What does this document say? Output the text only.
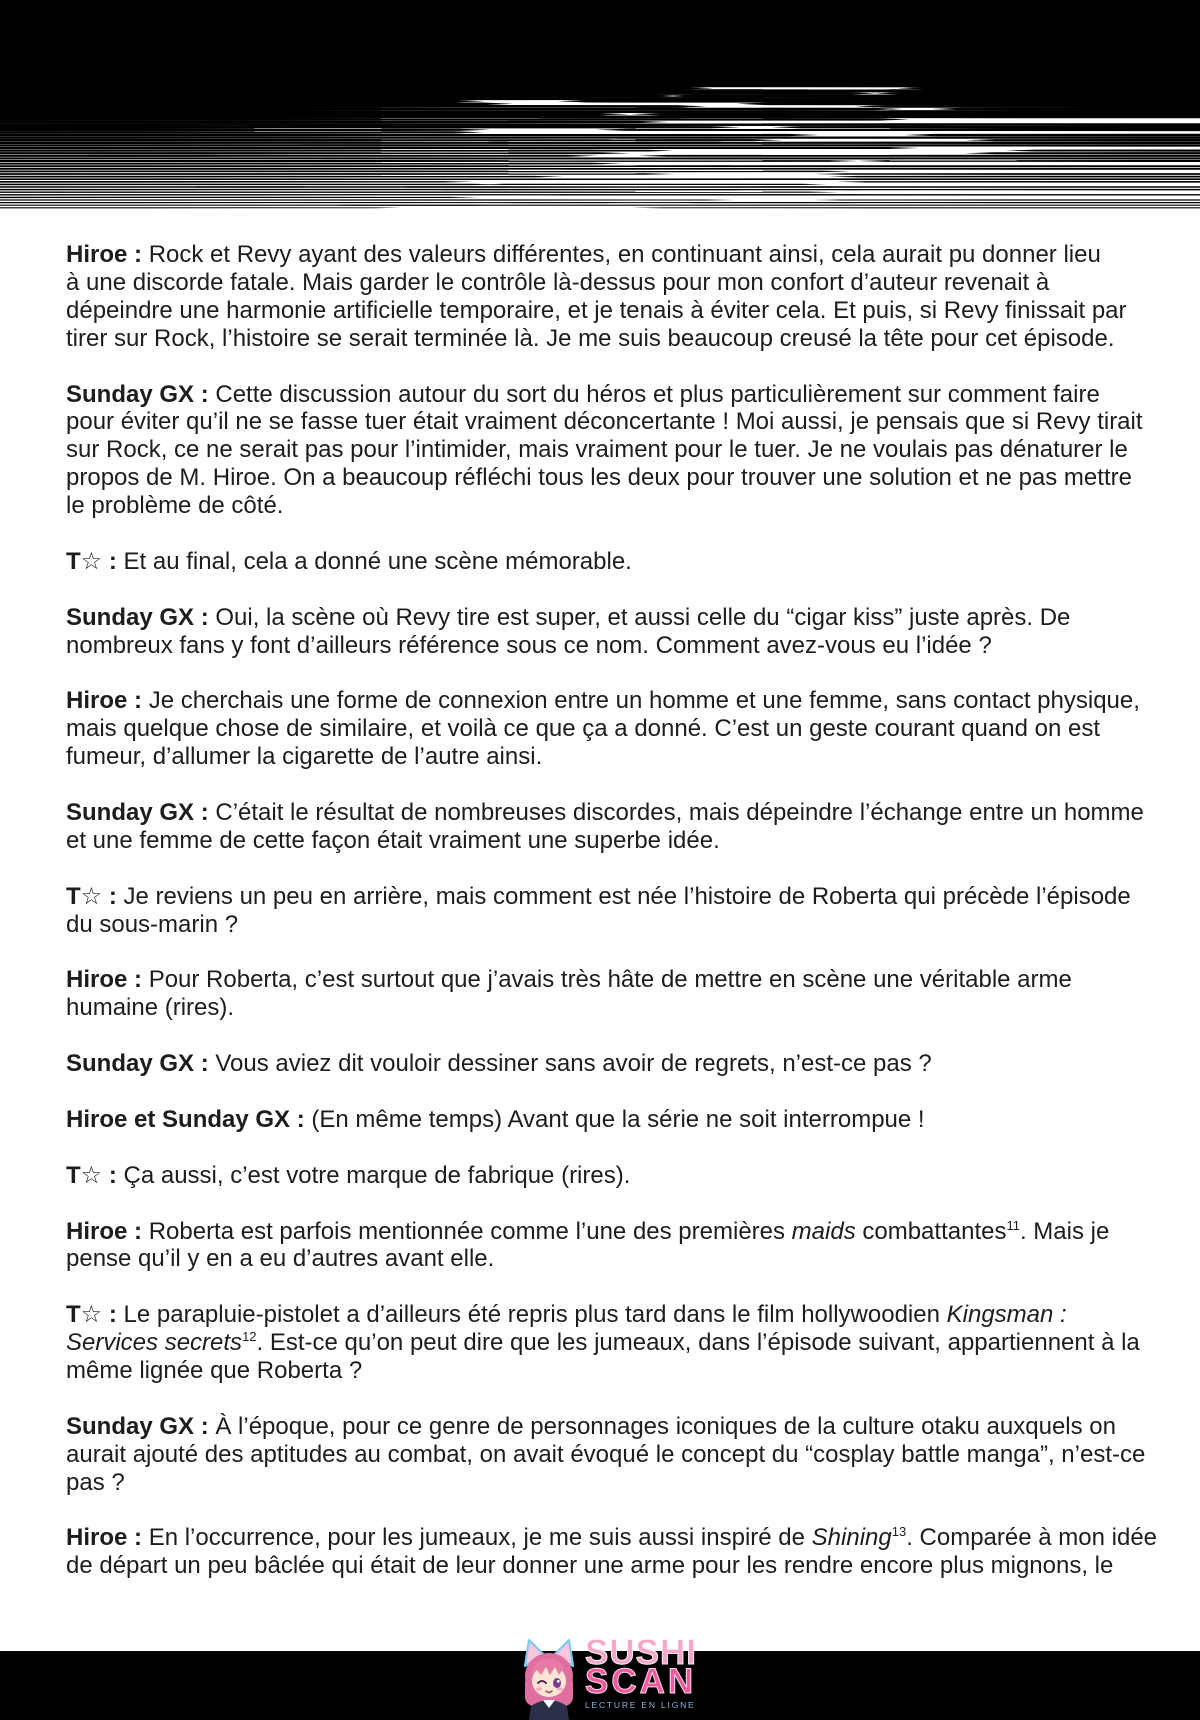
Hiroe : Rock et Revy ayant des valeurs différentes, en continuant ainsi, cela aurait pu donner lieu
à une discorde fatale. Mais garder le contrôle là-dessus pour mon confort d’auteur revenait à
dépeindre une harmonie artificielle temporaire, et je tenais à éviter cela. Et puis, si Revy finissait par
tirer sur Rock, l’histoire se serait terminée là. Je me suis beaucoup creusé la tête pour cet épisode.

Sunday GX : Cette discussion autour du sort du héros et plus particulièrement sur comment faire
pour éviter qu’il ne se fasse tuer était vraiment déconcertante ! Moi aussi, je pensais que si Revy tirait
sur Rock, ce ne serait pas pour l’intimider, mais vraiment pour le tuer. Je ne voulais pas dénaturer le
propos de M. Hiroe. On a beaucoup réfléchi tous les deux pour trouver une solution et ne pas mettre
le problème de côté.

T☆ : Et au final, cela a donné une scène mémorable.

Sunday GX : Oui, la scène où Revy tire est super, et aussi celle du “cigar kiss” juste après. De
nombreux fans y font d’ailleurs référence sous ce nom. Comment avez-vous eu l’idée ?

Hiroe : Je cherchais une forme de connexion entre un homme et une femme, sans contact physique,
mais quelque chose de similaire, et voilà ce que ça a donné. C’est un geste courant quand on est
fumeur, d’allumer la cigarette de l’autre ainsi.

Sunday GX : C’était le résultat de nombreuses discordes, mais dépeindre l’échange entre un homme
et une femme de cette façon était vraiment une superbe idée.

T☆ : Je reviens un peu en arrière, mais comment est née l’histoire de Roberta qui précède l’épisode
du sous-marin ?

Hiroe : Pour Roberta, c’est surtout que j’avais très hâte de mettre en scène une véritable arme
humaine (rires).

Sunday GX : Vous aviez dit vouloir dessiner sans avoir de regrets, n’est-ce pas ?

Hiroe et Sunday GX : (En même temps) Avant que la série ne soit interrompue !

T☆ : Ça aussi, c’est votre marque de fabrique (rires).

Hiroe : Roberta est parfois mentionnée comme l’une des premières maids combattantes$^{11}$. Mais je
pense qu’il y en a eu d’autres avant elle.

T☆ : Le parapluie-pistolet a d’ailleurs été repris plus tard dans le film hollywoodien Kingsman :
Services secrets$^{12}$. Est-ce qu’on peut dire que les jumeaux, dans l’épisode suivant, appartiennent à la
même lignée que Roberta ?

Sunday GX : À l’époque, pour ce genre de personnages iconiques de la culture otaku auxquels on
aurait ajouté des aptitudes au combat, on avait évoqué le concept du “cosplay battle manga”, n’est-ce pas ?

Hiroe : En l’occurrence, pour les jumeaux, je me suis aussi inspiré de Shining$^{13}$. Comparée à mon idée
de départ un peu bâclée qui était de leur donner une arme pour les rendre encore plus mignons, le

SUSHI
SCAN
LECTURE EN LIGNE
